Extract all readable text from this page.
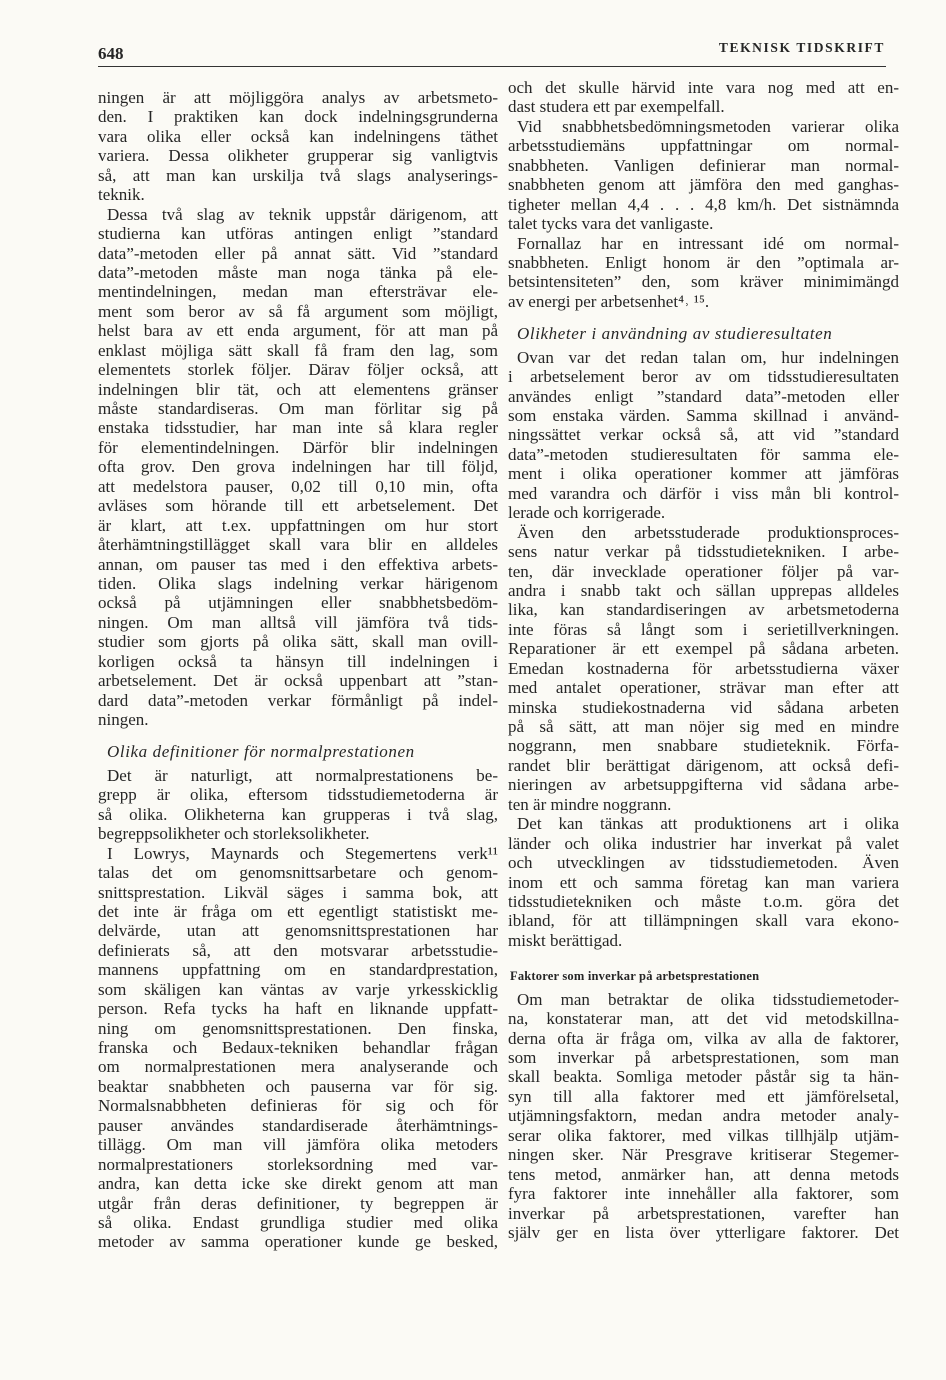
648	TEKNISK TIDSKRIFT
ningen är att möjliggöra analys av arbetsmeto-
den. I praktiken kan dock indelningsgrunderna
vara olika eller också kan indelningens täthet
variera. Dessa olikheter grupperar sig vanligtvis
så, att man kan urskilja två slags analyserings-
teknik.
Dessa två slag av teknik uppstår därigenom, att
studierna kan utföras antingen enligt ”standard
data”-metoden eller på annat sätt. Vid ”standard
data”-metoden måste man noga tänka på ele-
mentindelningen, medan man eftersträvar ele-
ment som beror av så få argument som möjligt,
helst bara av ett enda argument, för att man på
enklast möjliga sätt skall få fram den lag, som
elementets storlek följer. Därav följer också, att
indelningen blir tät, och att elementens gränser
måste standardiseras. Om man förlitar sig på
enstaka tidsstudier, har man inte så klara regler
för elementindelningen. Därför blir indelningen
ofta grov. Den grova indelningen har till följd,
att medelstora pauser, 0,02 till 0,10 min, ofta
avläses som hörande till ett arbetselement. Det
är klart, att t.ex. uppfattningen om hur stort
återhämtningstillägget skall vara blir en alldeles
annan, om pauser tas med i den effektiva arbets-
tiden. Olika slags indelning verkar härigenom
också på utjämningen eller snabbhetsbedöm-
ningen. Om man alltså vill jämföra två tids-
studier som gjorts på olika sätt, skall man ovill-
korligen också ta hänsyn till indelningen i
arbetselement. Det är också uppenbart att ”stan-
dard data”-metoden verkar förmånligt på indel-
ningen.
Olika definitioner för normalprestationen
Det är naturligt, att normalprestationens be-
grepp är olika, eftersom tidsstudiemetoderna är
så olika. Olikheterna kan grupperas i två slag,
begreppsolikheter och storleksolikheter.
I Lowrys, Maynards och Stegemertens verk¹¹
talas det om genomsnittsarbetare och genom-
snittsprestation. Likväl säges i samma bok, att
det inte är fråga om ett egentligt statistiskt me-
delvärde, utan att genomsnittsprestationen har
definierats så, att den motsvarar arbetsstudie-
mannens uppfattning om en standardprestation,
som skäligen kan väntas av varje yrkesskicklig
person. Refa tycks ha haft en liknande uppfatt-
ning om genomsnittsprestationen. Den finska,
franska och Bedaux-tekniken behandlar frågan
om normalprestationen mera analyserande och
beaktar snabbheten och pauserna var för sig.
Normalsnabbheten definieras för sig och för
pauser användes standardiserade återhämtnings-
tillägg. Om man vill jämföra olika metoders
normalprestationers storleksordning med var-
andra, kan detta icke ske direkt genom att man
utgår från deras definitioner, ty begreppen är
så olika. Endast grundliga studier med olika
metoder av samma operationer kunde ge besked,
och det skulle härvid inte vara nog med att en-
dast studera ett par exempelfall.
Vid snabbhetsbedömningsmetoden varierar olika
arbetsstudiemäns uppfattningar om normal-
snabbheten. Vanligen definierar man normal-
snabbheten genom att jämföra den med ganghas-
tigheter mellan 4,4 . . . 4,8 km/h. Det sistnämnda
talet tycks vara det vanligaste.
Fornallaz har en intressant idé om normal-
snabbheten. Enligt honom är den ”optimala ar-
betsintensiteten” den, som kräver minimimängd
av energi per arbetsenhet⁴˒ ¹⁵.
Olikheter i användning av studieresultaten
Ovan var det redan talan om, hur indelningen
i arbetselement beror av om tidsstudieresultaten
användes enligt ”standard data”-metoden eller
som enstaka värden. Samma skillnad i använd-
ningssättet verkar också så, att vid ”standard
data”-metoden studieresultaten för samma ele-
ment i olika operationer kommer att jämföras
med varandra och därför i viss mån bli kontrol-
lerade och korrigerade.
Även den arbetsstuderade produktionsproces-
sens natur verkar på tidsstudietekniken. I arbe-
ten, där invecklade operationer följer på var-
andra i snabb takt och sällan upprepas alldeles
lika, kan standardiseringen av arbetsmetoderna
inte föras så långt som i serietillverkningen.
Reparationer är ett exempel på sådana arbeten.
Emedan kostnaderna för arbetsstudierna växer
med antalet operationer, strävar man efter att
minska studiekostnaderna vid sådana arbeten
på så sätt, att man nöjer sig med en mindre
noggrann, men snabbare studieteknik. Förfa-
randet blir berättigat därigenom, att också defi-
nieringen av arbetsuppgifterna vid sådana arbe-
ten är mindre noggrann.
Det kan tänkas att produktionens art i olika
länder och olika industrier har inverkat på valet
och utvecklingen av tidsstudiemetoden. Även
inom ett och samma företag kan man variera
tidsstudietekniken och måste t.o.m. göra det
ibland, för att tillämpningen skall vara ekono-
miskt berättigad.
Faktorer som inverkar på arbetsprestationen
Om man betraktar de olika tidsstudiemetoder-
na, konstaterar man, att det vid metodskillna-
derna ofta är fråga om, vilka av alla de faktorer,
som inverkar på arbetsprestationen, som man
skall beakta. Somliga metoder påstår sig ta hän-
syn till alla faktorer med ett jämförelsetal,
utjämningsfaktorn, medan andra metoder analy-
serar olika faktorer, med vilkas tillhjälp utjäm-
ningen sker. När Presgrave kritiserar Stegemer-
tens metod, anmärker han, att denna metods
fyra faktorer inte innehåller alla faktorer, som
inverkar på arbetsprestationen, varefter han
själv ger en lista över ytterligare faktorer. Det
